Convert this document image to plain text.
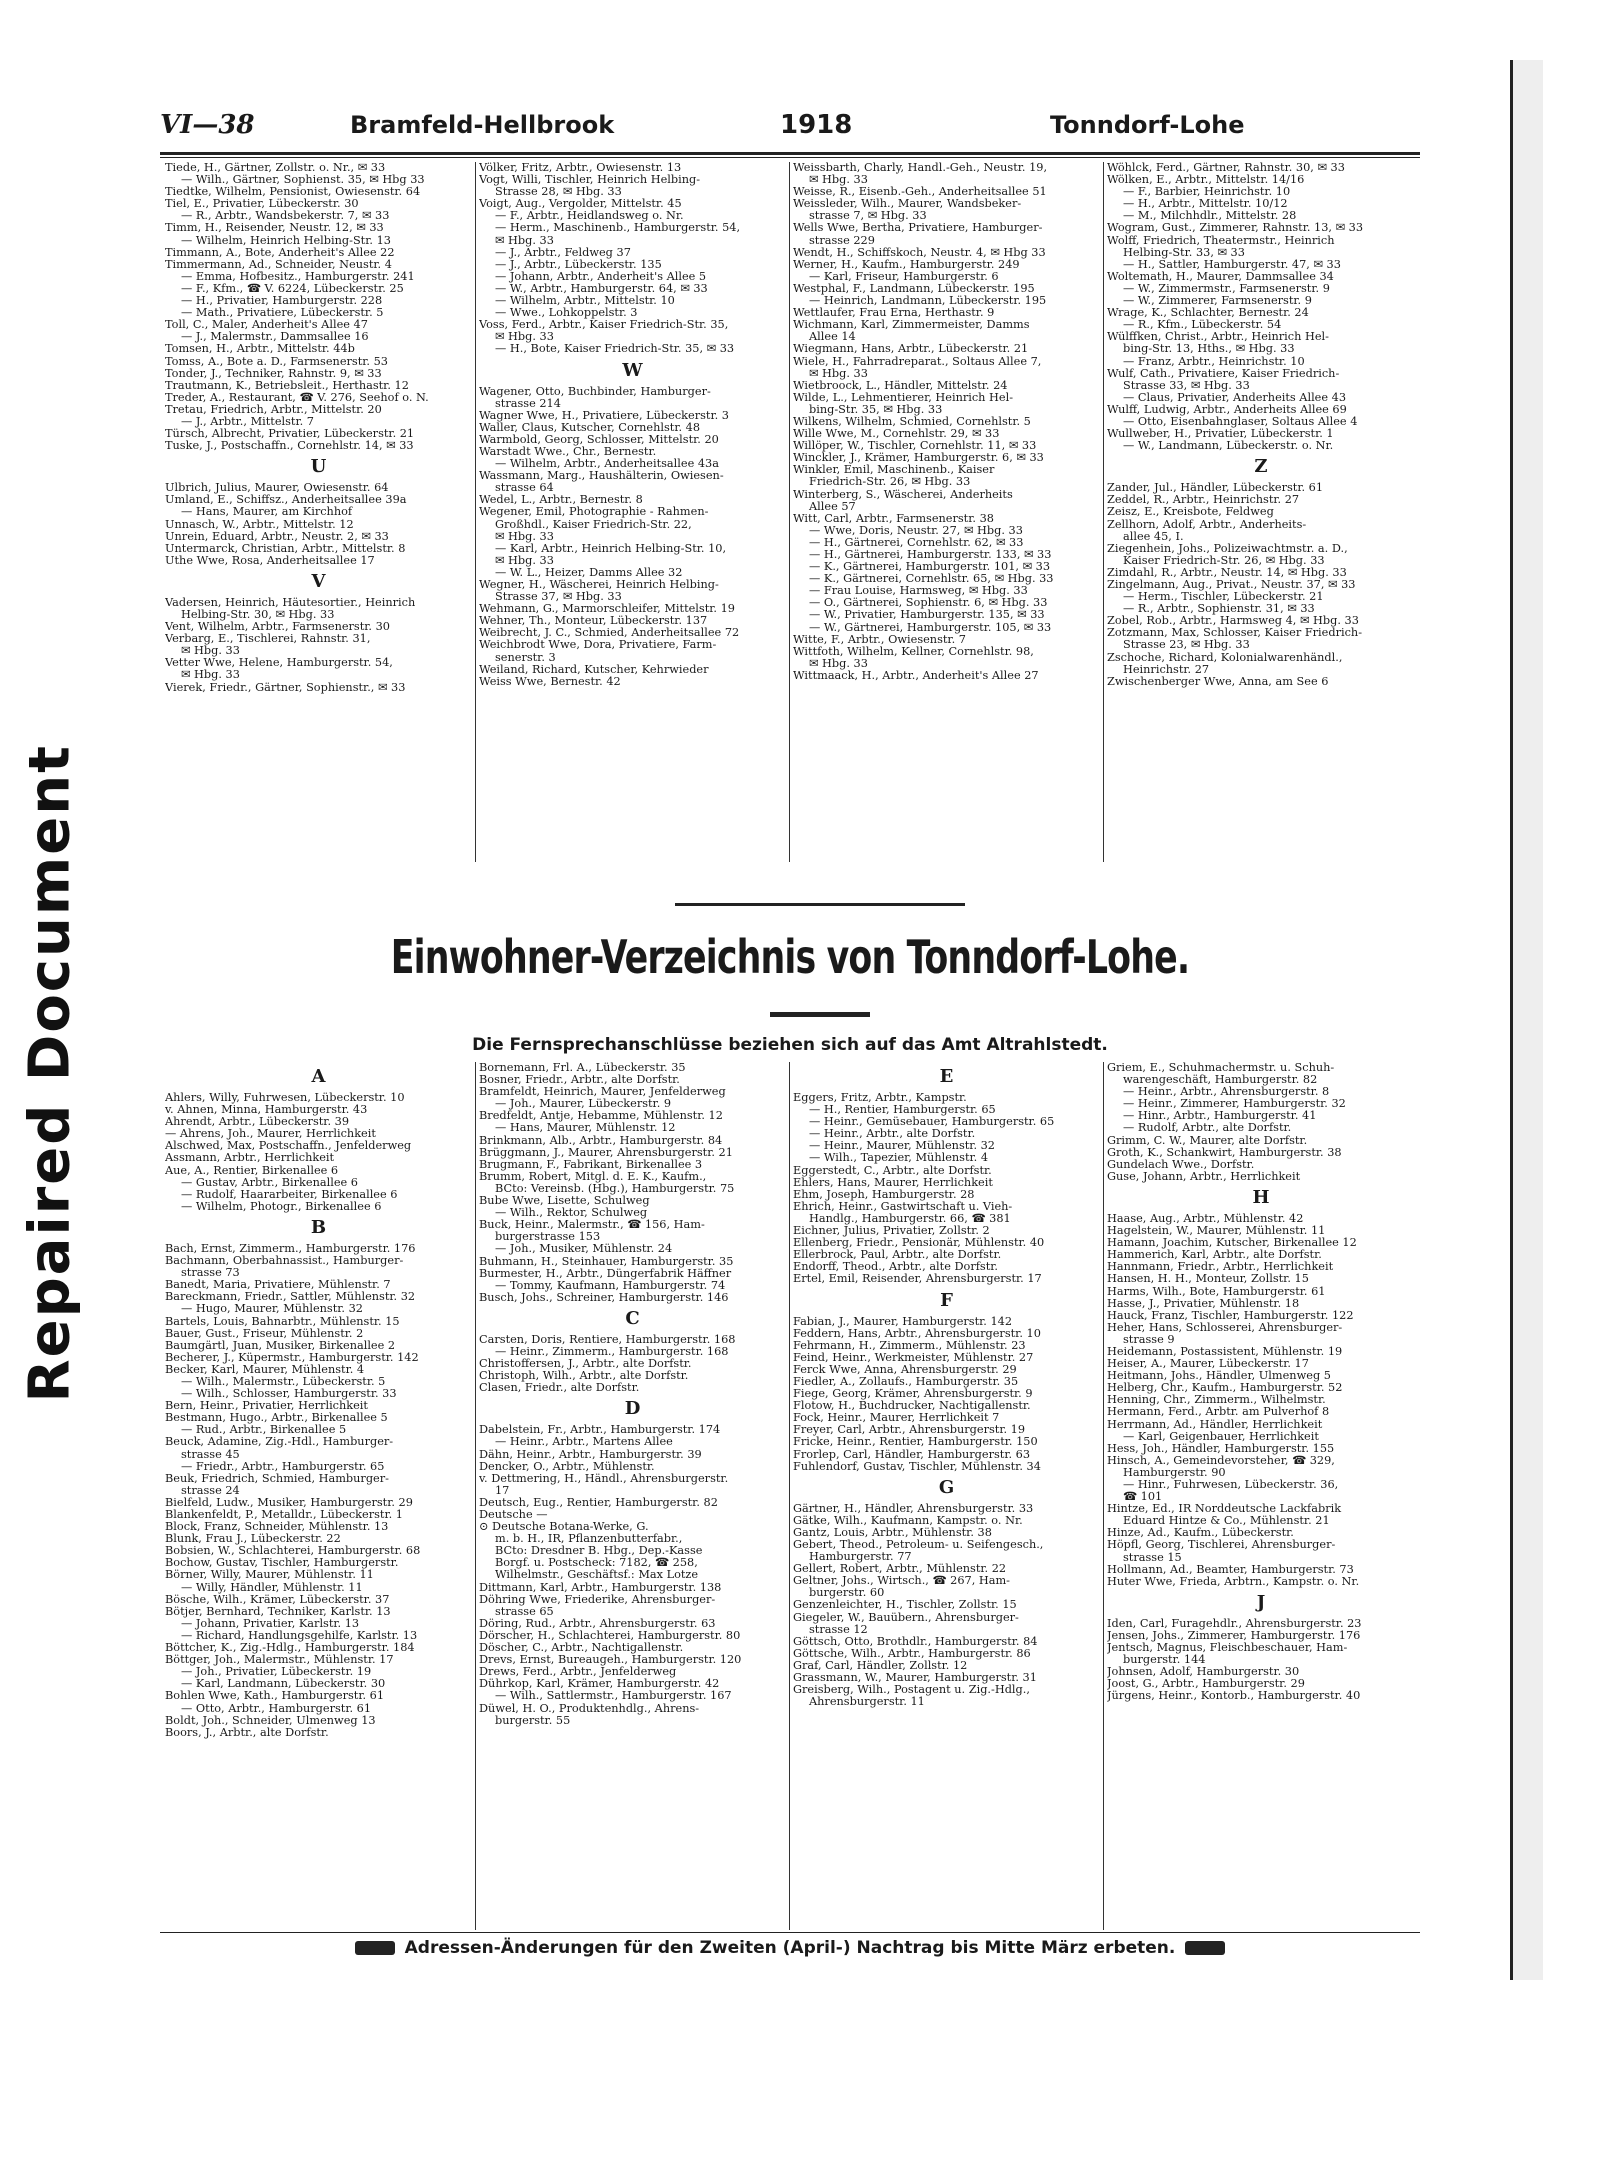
Repaired Document
VI—38	Bramfeld-Hellbrook	1918	Tonndorf-Lohe
Tiede, H., Gärtner, Zollstr. o. Nr., ✉ 33
— Wilh., Gärtner, Sophienst. 35, ✉ Hbg 33
Tiedtke, Wilhelm, Pensionist, Owiesenstr. 64
Tiel, E., Privatier, Lübeckerstr. 30
— R., Arbtr., Wandsbekerstr. 7, ✉ 33
Timm, H., Reisender, Neustr. 12, ✉ 33
— Wilhelm, Heinrich Helbing-Str. 13
Timmann, A., Bote, Anderheit's Allee 22
Timmermann, Ad., Schneider, Neustr. 4
— Emma, Hofbesitz., Hamburgerstr. 241
— F., Kfm., ☎ V. 6224, Lübeckerstr. 25
— H., Privatier, Hamburgerstr. 228
— Math., Privatiere, Lübeckerstr. 5
Toll, C., Maler, Anderheit's Allee 47
— J., Malermstr., Dammsallee 16
Tomsen, H., Arbtr., Mittelstr. 44b
Tomss, A., Bote a. D., Farmsenerstr. 53
Tonder, J., Techniker, Rahnstr. 9, ✉ 33
Trautmann, K., Betriebsleit., Herthastr. 12
Treder, A., Restaurant, ☎ V. 276, Seehof o. N.
Tretau, Friedrich, Arbtr., Mittelstr. 20
— J., Arbtr., Mittelstr. 7
Türsch, Albrecht, Privatier, Lübeckerstr. 21
Tuske, J., Postschaffn., Cornehlstr. 14, ✉ 33
U
Ulbrich, Julius, Maurer, Owiesenstr. 64
Umland, E., Schiffsz., Anderheitsallee 39a
— Hans, Maurer, am Kirchhof
Unnasch, W., Arbtr., Mittelstr. 12
Unrein, Eduard, Arbtr., Neustr. 2, ✉ 33
Untermarck, Christian, Arbtr., Mittelstr. 8
Uthe Wwe, Rosa, Anderheitsallee 17
V
Vadersen, Heinrich, Häutesortier., Heinrich
Helbing-Str. 30, ✉ Hbg. 33
Vent, Wilhelm, Arbtr., Farmsenerstr. 30
Verbarg, E., Tischlerei, Rahnstr. 31,
✉ Hbg. 33
Vetter Wwe, Helene, Hamburgerstr. 54,
✉ Hbg. 33
Vierek, Friedr., Gärtner, Sophienstr., ✉ 33
Völker, Fritz, Arbtr., Owiesenstr. 13
Vogt, Willi, Tischler, Heinrich Helbing-
Strasse 28, ✉ Hbg. 33
Voigt, Aug., Vergolder, Mittelstr. 45
— F., Arbtr., Heidlandsweg o. Nr.
— Herm., Maschinenb., Hamburgerstr. 54,
✉ Hbg. 33
— J., Arbtr., Feldweg 37
— J., Arbtr., Lübeckerstr. 135
— Johann, Arbtr., Anderheit's Allee 5
— W., Arbtr., Hamburgerstr. 64, ✉ 33
— Wilhelm, Arbtr., Mittelstr. 10
— Wwe., Lohkoppelstr. 3
Voss, Ferd., Arbtr., Kaiser Friedrich-Str. 35,
✉ Hbg. 33
— H., Bote, Kaiser Friedrich-Str. 35, ✉ 33
W
Wagener, Otto, Buchbinder, Hamburger-
strasse 214
Wagner Wwe, H., Privatiere, Lübeckerstr. 3
Waller, Claus, Kutscher, Cornehlstr. 48
Warmbold, Georg, Schlosser, Mittelstr. 20
Warstadt Wwe., Chr., Bernestr.
— Wilhelm, Arbtr., Anderheitsallee 43a
Wassmann, Marg., Haushälterin, Owiesen-
strasse 64
Wedel, L., Arbtr., Bernestr. 8
Wegener, Emil, Photographie - Rahmen-
Großhdl., Kaiser Friedrich-Str. 22,
✉ Hbg. 33
— Karl, Arbtr., Heinrich Helbing-Str. 10,
✉ Hbg. 33
— W. L., Heizer, Damms Allee 32
Wegner, H., Wäscherei, Heinrich Helbing-
Strasse 37, ✉ Hbg. 33
Wehmann, G., Marmorschleifer, Mittelstr. 19
Wehner, Th., Monteur, Lübeckerstr. 137
Weibrecht, J. C., Schmied, Anderheitsallee 72
Weichbrodt Wwe, Dora, Privatiere, Farm-
senerstr. 3
Weiland, Richard, Kutscher, Kehrwieder
Weiss Wwe, Bernestr. 42
Weissbarth, Charly, Handl.-Geh., Neustr. 19,
✉ Hbg. 33
Weisse, R., Eisenb.-Geh., Anderheitsallee 51
Weissleder, Wilh., Maurer, Wandsbeker-
strasse 7, ✉ Hbg. 33
Wells Wwe, Bertha, Privatiere, Hamburger-
strasse 229
Wendt, H., Schiffskoch, Neustr. 4, ✉ Hbg 33
Werner, H., Kaufm., Hamburgerstr. 249
— Karl, Friseur, Hamburgerstr. 6
Westphal, F., Landmann, Lübeckerstr. 195
— Heinrich, Landmann, Lübeckerstr. 195
Wettlaufer, Frau Erna, Herthastr. 9
Wichmann, Karl, Zimmermeister, Damms
Allee 14
Wiegmann, Hans, Arbtr., Lübeckerstr. 21
Wiele, H., Fahrradreparat., Soltaus Allee 7,
✉ Hbg. 33
Wietbroock, L., Händler, Mittelstr. 24
Wilde, L., Lehmentierer, Heinrich Hel-
bing-Str. 35, ✉ Hbg. 33
Wilkens, Wilhelm, Schmied, Cornehlstr. 5
Wille Wwe, M., Cornehlstr. 29, ✉ 33
Willöper, W., Tischler, Cornehlstr. 11, ✉ 33
Winckler, J., Krämer, Hamburgerstr. 6, ✉ 33
Winkler, Emil, Maschinenb., Kaiser
Friedrich-Str. 26, ✉ Hbg. 33
Winterberg, S., Wäscherei, Anderheits
Allee 57
Witt, Carl, Arbtr., Farmsenerstr. 38
— Wwe, Doris, Neustr. 27, ✉ Hbg. 33
— H., Gärtnerei, Cornehlstr. 62, ✉ 33
— H., Gärtnerei, Hamburgerstr. 133, ✉ 33
— K., Gärtnerei, Hamburgerstr. 101, ✉ 33
— K., Gärtnerei, Cornehlstr. 65, ✉ Hbg. 33
— Frau Louise, Harmsweg, ✉ Hbg. 33
— O., Gärtnerei, Sophienstr. 6, ✉ Hbg. 33
— W., Privatier, Hamburgerstr. 135, ✉ 33
— W., Gärtnerei, Hamburgerstr. 105, ✉ 33
Witte, F., Arbtr., Owiesenstr. 7
Wittfoth, Wilhelm, Kellner, Cornehlstr. 98,
✉ Hbg. 33
Wittmaack, H., Arbtr., Anderheit's Allee 27
Wöhlck, Ferd., Gärtner, Rahnstr. 30, ✉ 33
Wölken, E., Arbtr., Mittelstr. 14/16
— F., Barbier, Heinrichstr. 10
— H., Arbtr., Mittelstr. 10/12
— M., Milchhdlr., Mittelstr. 28
Wogram, Gust., Zimmerer, Rahnstr. 13, ✉ 33
Wolff, Friedrich, Theatermstr., Heinrich
Helbing-Str. 33, ✉ 33
— H., Sattler, Hamburgerstr. 47, ✉ 33
Woltemath, H., Maurer, Dammsallee 34
— W., Zimmermstr., Farmsenerstr. 9
— W., Zimmerer, Farmsenerstr. 9
Wrage, K., Schlachter, Bernestr. 24
— R., Kfm., Lübeckerstr. 54
Wülffken, Christ., Arbtr., Heinrich Hel-
bing-Str. 13, Hths., ✉ Hbg. 33
— Franz, Arbtr., Heinrichstr. 10
Wulf, Cath., Privatiere, Kaiser Friedrich-
Strasse 33, ✉ Hbg. 33
— Claus, Privatier, Anderheits Allee 43
Wulff, Ludwig, Arbtr., Anderheits Allee 69
— Otto, Eisenbahnglaser, Soltaus Allee 4
Wullweber, H., Privatier, Lübeckerstr. 1
— W., Landmann, Lübeckerstr. o. Nr.
Z
Zander, Jul., Händler, Lübeckerstr. 61
Zeddel, R., Arbtr., Heinrichstr. 27
Zeisz, E., Kreisbote, Feldweg
Zellhorn, Adolf, Arbtr., Anderheits-
allee 45, I.
Ziegenhein, Johs., Polizeiwachtmstr. a. D.,
Kaiser Friedrich-Str. 26, ✉ Hbg. 33
Zimdahl, R., Arbtr., Neustr. 14, ✉ Hbg. 33
Zingelmann, Aug., Privat., Neustr. 37, ✉ 33
— Herm., Tischler, Lübeckerstr. 21
— R., Arbtr., Sophienstr. 31, ✉ 33
Zobel, Rob., Arbtr., Harmsweg 4, ✉ Hbg. 33
Zotzmann, Max, Schlosser, Kaiser Friedrich-
Strasse 23, ✉ Hbg. 33
Zschoche, Richard, Kolonialwarenhändl.,
Heinrichstr. 27
Zwischenberger Wwe, Anna, am See 6
Einwohner-Verzeichnis von Tonndorf-Lohe.
Die Fernsprechanschlüsse beziehen sich auf das Amt Altrahlstedt.
A
Ahlers, Willy, Fuhrwesen, Lübeckerstr. 10
v. Ahnen, Minna, Hamburgerstr. 43
Ahrendt, Arbtr., Lübeckerstr. 39
— Ahrens, Joh., Maurer, Herrlichkeit
Alschwed, Max, Postschaffn., Jenfelderweg
Assmann, Arbtr., Herrlichkeit
Aue, A., Rentier, Birkenallee 6
— Gustav, Arbtr., Birkenallee 6
— Rudolf, Haararbeiter, Birkenallee 6
— Wilhelm, Photogr., Birkenallee 6
B
Bach, Ernst, Zimmerm., Hamburgerstr. 176
Bachmann, Oberbahnassist., Hamburger-
strasse 73
Banedt, Maria, Privatiere, Mühlenstr. 7
Bareckmann, Friedr., Sattler, Mühlenstr. 32
— Hugo, Maurer, Mühlenstr. 32
Bartels, Louis, Bahnarbtr., Mühlenstr. 15
Bauer, Gust., Friseur, Mühlenstr. 2
Baumgärtl, Juan, Musiker, Birkenallee 2
Becherer, J., Küpermstr., Hamburgerstr. 142
Becker, Karl, Maurer, Mühlenstr. 4
— Wilh., Malermstr., Lübeckerstr. 5
— Wilh., Schlosser, Hamburgerstr. 33
Bern, Heinr., Privatier, Herrlichkeit
Bestmann, Hugo., Arbtr., Birkenallee 5
— Rud., Arbtr., Birkenallee 5
Beuck, Adamine, Zig.-Hdl., Hamburger-
strasse 45
— Friedr., Arbtr., Hamburgerstr. 65
Beuk, Friedrich, Schmied, Hamburger-
strasse 24
Bielfeld, Ludw., Musiker, Hamburgerstr. 29
Blankenfeldt, P., Metalldr., Lübeckerstr. 1
Block, Franz, Schneider, Mühlenstr. 13
Blunk, Frau J., Lübeckerstr. 22
Bobsien, W., Schlachterei, Hamburgerstr. 68
Bochow, Gustav, Tischler, Hamburgerstr.
Börner, Willy, Maurer, Mühlenstr. 11
— Willy, Händler, Mühlenstr. 11
Bösche, Wilh., Krämer, Lübeckerstr. 37
Bötjer, Bernhard, Techniker, Karlstr. 13
— Johann, Privatier, Karlstr. 13
— Richard, Handlungsgehilfe, Karlstr. 13
Böttcher, K., Zig.-Hdlg., Hamburgerstr. 184
Böttger, Joh., Malermstr., Mühlenstr. 17
— Joh., Privatier, Lübeckerstr. 19
— Karl, Landmann, Lübeckerstr. 30
Bohlen Wwe, Kath., Hamburgerstr. 61
— Otto, Arbtr., Hamburgerstr. 61
Boldt, Joh., Schneider, Ulmenweg 13
Boors, J., Arbtr., alte Dorfstr.
Bornemann, Frl. A., Lübeckerstr. 35
Bosner, Friedr., Arbtr., alte Dorfstr.
Bramfeldt, Heinrich, Maurer, Jenfelderweg
— Joh., Maurer, Lübeckerstr. 9
Bredfeldt, Antje, Hebamme, Mühlenstr. 12
— Hans, Maurer, Mühlenstr. 12
Brinkmann, Alb., Arbtr., Hamburgerstr. 84
Brüggmann, J., Maurer, Ahrensburgerstr. 21
Brugmann, F., Fabrikant, Birkenallee 3
Brumm, Robert, Mitgl. d. E. K., Kaufm.,
BCto: Vereinsb. (Hbg.), Hamburgerstr. 75
Bube Wwe, Lisette, Schulweg
— Wilh., Rektor, Schulweg
Buck, Heinr., Malermstr., ☎ 156, Ham-
burgerstrasse 153
— Joh., Musiker, Mühlenstr. 24
Buhmann, H., Steinhauer, Hamburgerstr. 35
Burmester, H., Arbtr., Düngerfabrik Häffner
— Tommy, Kaufmann, Hamburgerstr. 74
Busch, Johs., Schreiner, Hamburgerstr. 146
C
Carsten, Doris, Rentiere, Hamburgerstr. 168
— Heinr., Zimmerm., Hamburgerstr. 168
Christoffersen, J., Arbtr., alte Dorfstr.
Christoph, Wilh., Arbtr., alte Dorfstr.
Clasen, Friedr., alte Dorfstr.
D
Dabelstein, Fr., Arbtr., Hamburgerstr. 174
— Heinr., Arbtr., Martens Allee
Dähn, Heinr., Arbtr., Hamburgerstr. 39
Dencker, O., Arbtr., Mühlenstr.
v. Dettmering, H., Händl., Ahrensburgerstr.
17
Deutsch, Eug., Rentier, Hamburgerstr. 82
Deutsche —
⊙ Deutsche Botana-Werke, G.
m. b. H., IR, Pflanzenbutterfabr.,
BCto: Dresdner B. Hbg., Dep.-Kasse
Borgf. u. Postscheck: 7182, ☎ 258,
Wilhelmstr., Geschäftsf.: Max Lotze
Dittmann, Karl, Arbtr., Hamburgerstr. 138
Döhring Wwe, Friederike, Ahrensburger-
strasse 65
Döring, Rud., Arbtr., Ahrensburgerstr. 63
Dörscher, H., Schlachterei, Hamburgerstr. 80
Döscher, C., Arbtr., Nachtigallenstr.
Drevs, Ernst, Bureaugeh., Hamburgerstr. 120
Drews, Ferd., Arbtr., Jenfelderweg
Dührkop, Karl, Krämer, Hamburgerstr. 42
— Wilh., Sattlermstr., Hamburgerstr. 167
Düwel, H. O., Produktenhdlg., Ahrens-
burgerstr. 55
E
Eggers, Fritz, Arbtr., Kampstr.
— H., Rentier, Hamburgerstr. 65
— Heinr., Gemüsebauer, Hamburgerstr. 65
— Heinr., Arbtr., alte Dorfstr.
— Heinr., Maurer, Mühlenstr. 32
— Wilh., Tapezier, Mühlenstr. 4
Eggerstedt, C., Arbtr., alte Dorfstr.
Ehlers, Hans, Maurer, Herrlichkeit
Ehm, Joseph, Hamburgerstr. 28
Ehrich, Heinr., Gastwirtschaft u. Vieh-
Handlg., Hamburgerstr. 66, ☎ 381
Eichner, Julius, Privatier, Zollstr. 2
Ellenberg, Friedr., Pensionär, Mühlenstr. 40
Ellerbrock, Paul, Arbtr., alte Dorfstr.
Endorff, Theod., Arbtr., alte Dorfstr.
Ertel, Emil, Reisender, Ahrensburgerstr. 17
F
Fabian, J., Maurer, Hamburgerstr. 142
Feddern, Hans, Arbtr., Ahrensburgerstr. 10
Fehrmann, H., Zimmerm., Mühlenstr. 23
Feind, Heinr., Werkmeister, Mühlenstr. 27
Ferck Wwe, Anna, Ahrensburgerstr. 29
Fiedler, A., Zollaufs., Hamburgerstr. 35
Fiege, Georg, Krämer, Ahrensburgerstr. 9
Flotow, H., Buchdrucker, Nachtigallenstr.
Fock, Heinr., Maurer, Herrlichkeit 7
Freyer, Carl, Arbtr., Ahrensburgerstr. 19
Fricke, Heinr., Rentier, Hamburgerstr. 150
Frorlep, Carl, Händler, Hamburgerstr. 63
Fuhlendorf, Gustav, Tischler, Mühlenstr. 34
G
Gärtner, H., Händler, Ahrensburgerstr. 33
Gätke, Wilh., Kaufmann, Kampstr. o. Nr.
Gantz, Louis, Arbtr., Mühlenstr. 38
Gebert, Theod., Petroleum- u. Seifengesch.,
Hamburgerstr. 77
Gellert, Robert, Arbtr., Mühlenstr. 22
Geltner, Johs., Wirtsch., ☎ 267, Ham-
burgerstr. 60
Genzenleichter, H., Tischler, Zollstr. 15
Giegeler, W., Bauübern., Ahrensburger-
strasse 12
Göttsch, Otto, Brothdlr., Hamburgerstr. 84
Göttsche, Wilh., Arbtr., Hamburgerstr. 86
Graf, Carl, Händler, Zollstr. 12
Grassmann, W., Maurer, Hamburgerstr. 31
Greisberg, Wilh., Postagent u. Zig.-Hdlg.,
Ahrensburgerstr. 11
Griem, E., Schuhmachermstr. u. Schuh-
warengeschäft, Hamburgerstr. 82
— Heinr., Arbtr., Ahrensburgerstr. 8
— Heinr., Zimmerer, Hamburgerstr. 32
— Hinr., Arbtr., Hamburgerstr. 41
— Rudolf, Arbtr., alte Dorfstr.
Grimm, C. W., Maurer, alte Dorfstr.
Groth, K., Schankwirt, Hamburgerstr. 38
Gundelach Wwe., Dorfstr.
Guse, Johann, Arbtr., Herrlichkeit
H
Haase, Aug., Arbtr., Mühlenstr. 42
Hagelstein, W., Maurer, Mühlenstr. 11
Hamann, Joachim, Kutscher, Birkenallee 12
Hammerich, Karl, Arbtr., alte Dorfstr.
Hannmann, Friedr., Arbtr., Herrlichkeit
Hansen, H. H., Monteur, Zollstr. 15
Harms, Wilh., Bote, Hamburgerstr. 61
Hasse, J., Privatier, Mühlenstr. 18
Hauck, Franz, Tischler, Hamburgerstr. 122
Heher, Hans, Schlosserei, Ahrensburger-
strasse 9
Heidemann, Postassistent, Mühlenstr. 19
Heiser, A., Maurer, Lübeckerstr. 17
Heitmann, Johs., Händler, Ulmenweg 5
Helberg, Chr., Kaufm., Hamburgerstr. 52
Henning, Chr., Zimmerm., Wilhelmstr.
Hermann, Ferd., Arbtr. am Pulverhof 8
Herrmann, Ad., Händler, Herrlichkeit
— Karl, Geigenbauer, Herrlichkeit
Hess, Joh., Händler, Hamburgerstr. 155
Hinsch, A., Gemeindevorsteher, ☎ 329,
Hamburgerstr. 90
— Hinr., Fuhrwesen, Lübeckerstr. 36,
☎ 101
Hintze, Ed., IR Norddeutsche Lackfabrik
Eduard Hintze & Co., Mühlenstr. 21
Hinze, Ad., Kaufm., Lübeckerstr.
Höpfl, Georg, Tischlerei, Ahrensburger-
strasse 15
Hollmann, Ad., Beamter, Hamburgerstr. 73
Huter Wwe, Frieda, Arbtrn., Kampstr. o. Nr.
J
Iden, Carl, Furagehdlr., Ahrensburgerstr. 23
Jensen, Johs., Zimmerer, Hamburgerstr. 176
Jentsch, Magnus, Fleischbeschauer, Ham-
burgerstr. 144
Johnsen, Adolf, Hamburgerstr. 30
Joost, G., Arbtr., Hamburgerstr. 29
Jürgens, Heinr., Kontorb., Hamburgerstr. 40
Adressen-Änderungen für den Zweiten (April-) Nachtrag bis Mitte März erbeten.
